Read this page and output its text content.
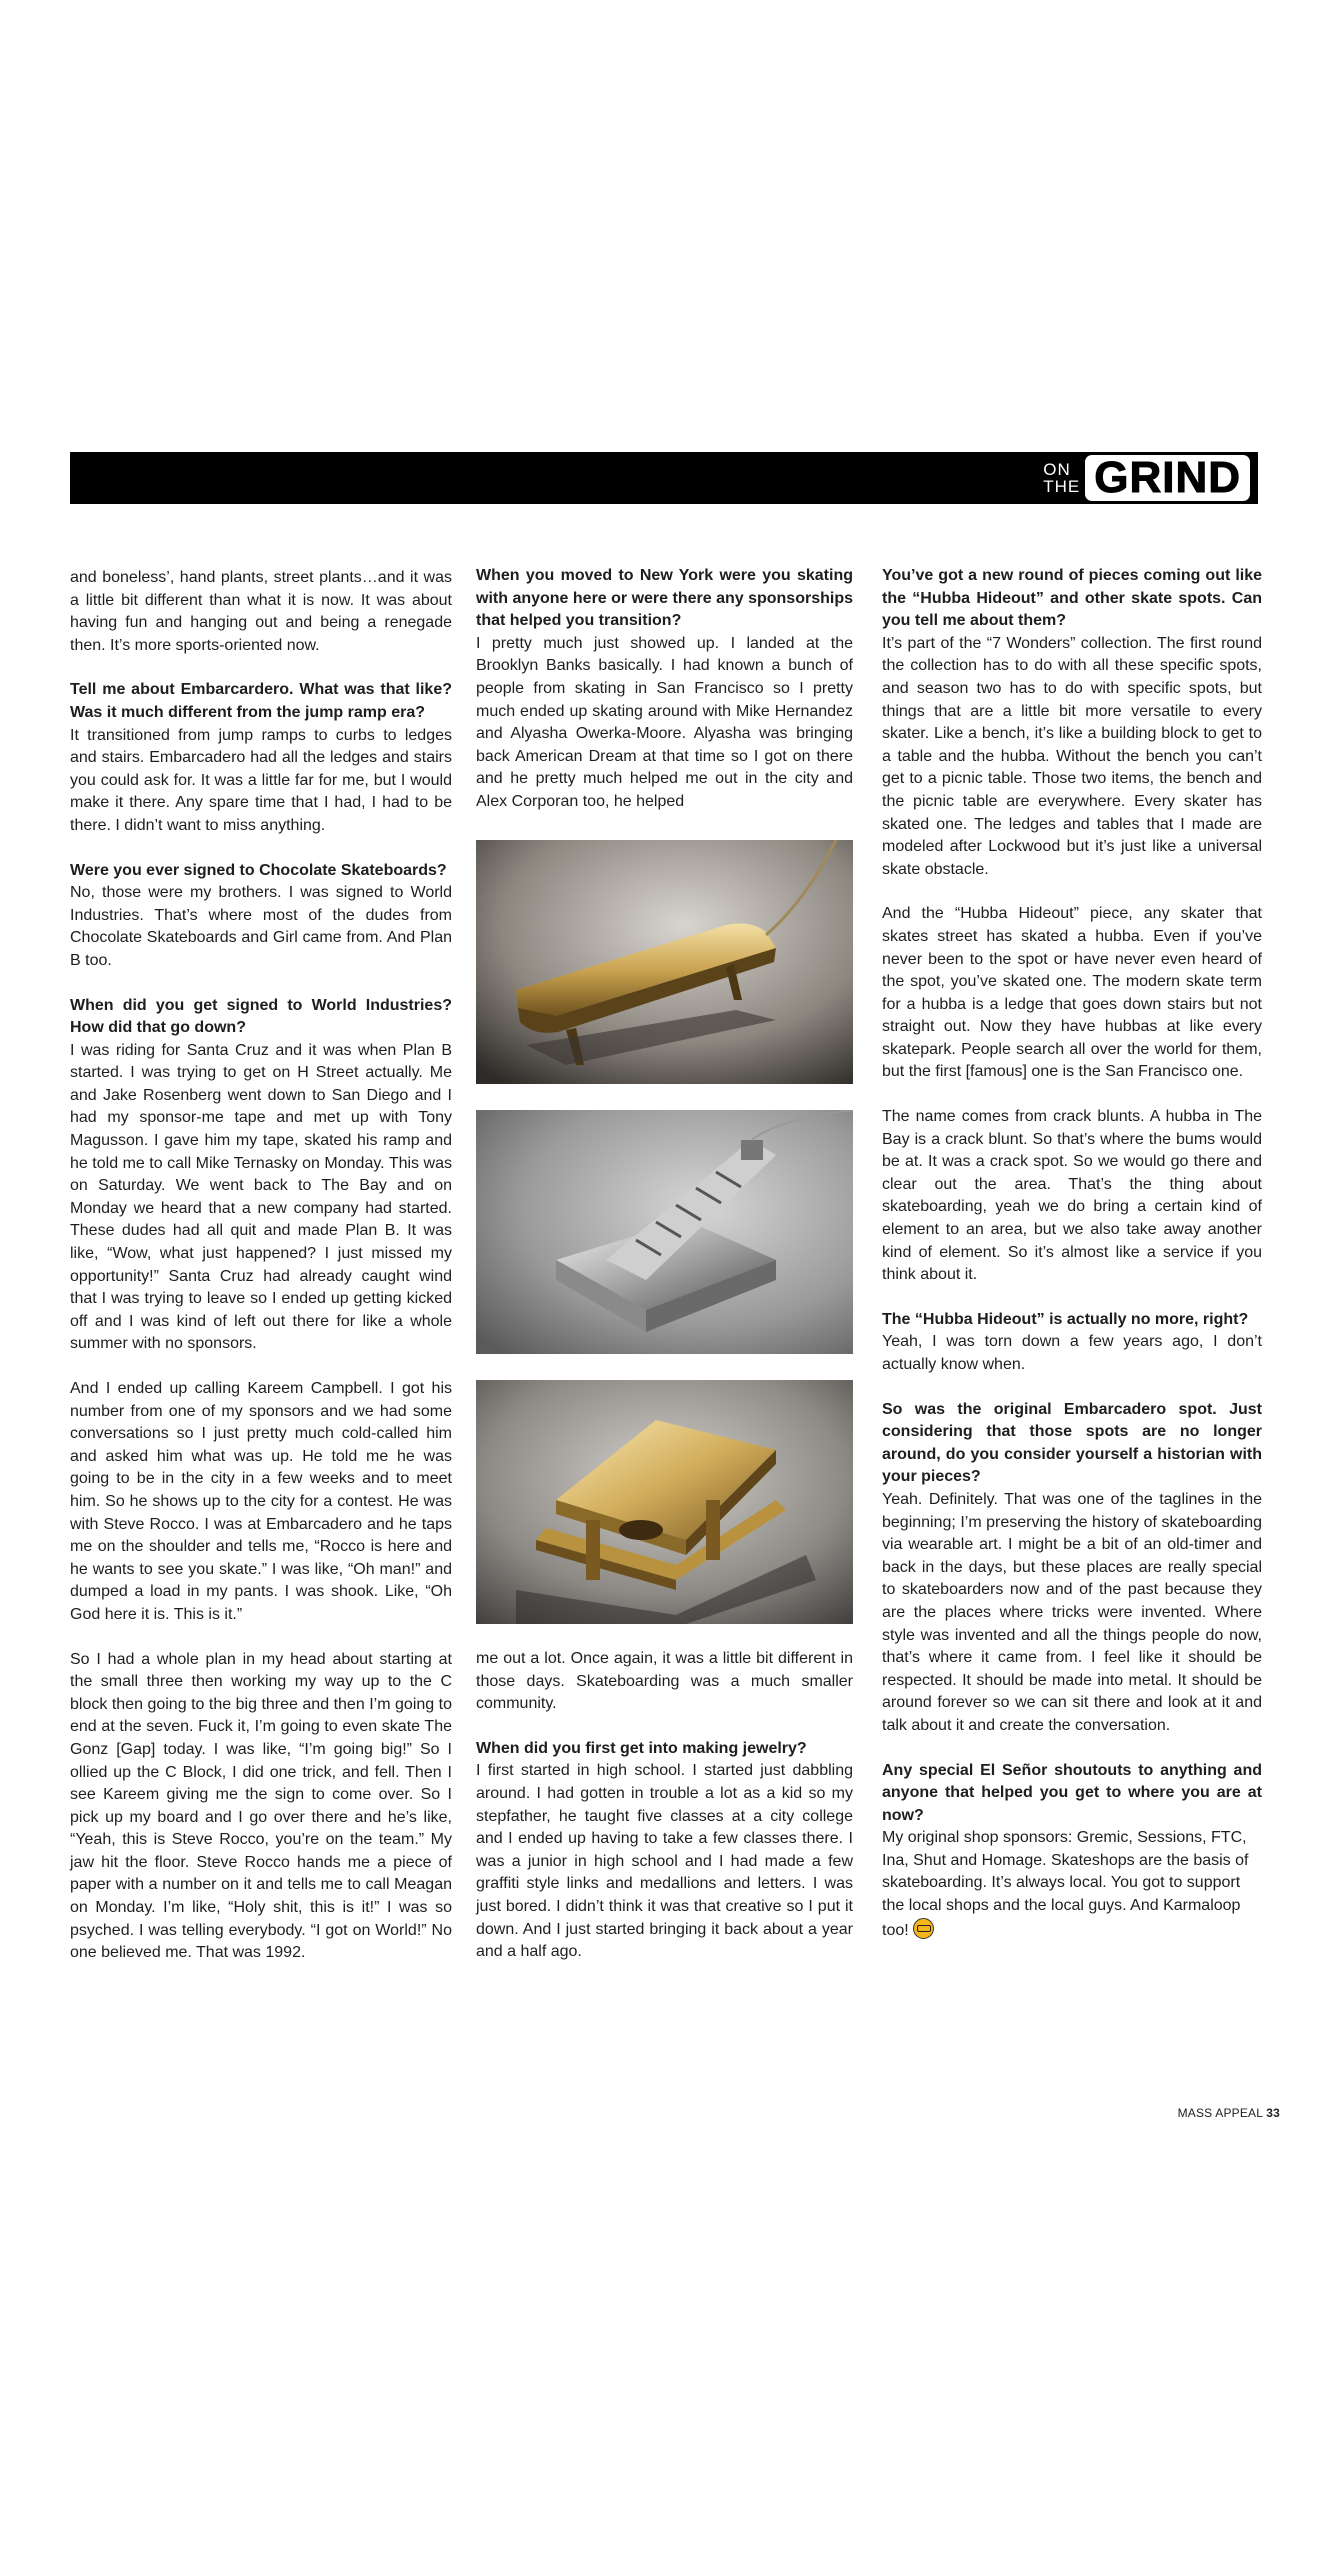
ON
THE GRIND

and boneless’, hand plants, street plants…and it was a little bit different than what it is now. It was about having fun and hanging out and being a renegade then. It’s more sports-oriented now.

Tell me about Embarcardero. What was that like? Was it much different from the jump ramp era?

It transitioned from jump ramps to curbs to ledges and stairs. Embarcadero had all the ledges and stairs you could ask for. It was a little far for me, but I would make it there. Any spare time that I had, I had to be there. I didn’t want to miss anything.

Were you ever signed to Chocolate Skateboards?

No, those were my brothers. I was signed to World Industries. That’s where most of the dudes from Chocolate Skateboards and Girl came from. And Plan B too.

When did you get signed to World Industries? How did that go down?

I was riding for Santa Cruz and it was when Plan B started. I was trying to get on H Street actually. Me and Jake Rosenberg went down to San Diego and I had my sponsor-me tape and met up with Tony Magusson. I gave him my tape, skated his ramp and he told me to call Mike Ternasky on Monday. This was on Saturday. We went back to The Bay and on Monday we heard that a new company had started. These dudes had all quit and made Plan B. It was like, “Wow, what just happened? I just missed my opportunity!” Santa Cruz had already caught wind that I was trying to leave so I ended up getting kicked off and I was kind of left out there for like a whole summer with no sponsors.

And I ended up calling Kareem Campbell. I got his number from one of my sponsors and we had some conversations so I just pretty much cold-called him and asked him what was up. He told me he was going to be in the city in a few weeks and to meet him. So he shows up to the city for a contest. He was with Steve Rocco. I was at Embarcadero and he taps me on the shoulder and tells me, “Rocco is here and he wants to see you skate.” I was like, “Oh man!” and dumped a load in my pants. I was shook. Like, “Oh God here it is. This is it.”

So I had a whole plan in my head about starting at the small three then working my way up to the C block then going to the big three and then I’m going to end at the seven. Fuck it, I’m going to even skate The Gonz [Gap] today. I was like, “I’m going big!” So I ollied up the C Block, I did one trick, and fell. Then I see Kareem giving me the sign to come over. So I pick up my board and I go over there and he’s like, “Yeah, this is Steve Rocco, you’re on the team.” My jaw hit the floor. Steve Rocco hands me a piece of paper with a number on it and tells me to call Meagan on Monday. I’m like, “Holy shit, this is it!” I was so psyched. I was telling everybody. “I got on World!” No one believed me. That was 1992.

When you moved to New York were you skating with anyone here or were there any sponsorships that helped you transition?

I pretty much just showed up. I landed at the Brooklyn Banks basically. I had known a bunch of people from skating in San Francisco so I pretty much ended up skating around with Mike Hernandez and Alyasha Owerka-Moore. Alyasha was bringing back American Dream at that time so I got on there and he pretty much helped me out in the city and Alex Corporan too, he helped

me out a lot. Once again, it was a little bit different in those days. Skateboarding was a much smaller community.

When did you first get into making jewelry?

I first started in high school. I started just dabbling around. I had gotten in trouble a lot as a kid so my stepfather, he taught five classes at a city college and I ended up having to take a few classes there. I was a junior in high school and I had made a few graffiti style links and medallions and letters. I was just bored. I didn’t think it was that creative so I put it down. And I just started bringing it back about a year and a half ago.

You’ve got a new round of pieces coming out like the “Hubba Hideout” and other skate spots. Can you tell me about them?

It’s part of the “7 Wonders” collection. The first round the collection has to do with all these specific spots, and season two has to do with specific spots, but things that are a little bit more versatile to every skater. Like a bench, it’s like a building block to get to a table and the hubba. Without the bench you can’t get to a picnic table. Those two items, the bench and the picnic table are everywhere. Every skater has skated one. The ledges and tables that I made are modeled after Lockwood but it’s just like a universal skate obstacle.

And the “Hubba Hideout” piece, any skater that skates street has skated a hubba. Even if you’ve never been to the spot or have never even heard of the spot, you’ve skated one. The modern skate term for a hubba is a ledge that goes down stairs but not straight out. Now they have hubbas at like every skatepark. People search all over the world for them, but the first [famous] one is the San Francisco one.

The name comes from crack blunts. A hubba in The Bay is a crack blunt. So that’s where the bums would be at. It was a crack spot. So we would go there and clear out the area. That’s the thing about skateboarding, yeah we do bring a certain kind of element to an area, but we also take away another kind of element. So it’s almost like a service if you think about it.

The “Hubba Hideout” is actually no more, right?

Yeah, I was torn down a few years ago, I don’t actually know when.

So was the original Embarcadero spot. Just considering that those spots are no longer around, do you consider yourself a historian with your pieces?

Yeah. Definitely. That was one of the taglines in the beginning; I’m preserving the history of skateboarding via wearable art. I might be a bit of an old-timer and back in the days, but these places are really special to skateboarders now and of the past because they are the places where tricks were invented. Where style was invented and all the things people do now, that’s where it came from. I feel like it should be respected. It should be made into metal. It should be around forever so we can sit there and look at it and talk about it and create the conversation.

Any special El Señor shoutouts to anything and anyone that helped you get to where you are at now?

My original shop sponsors: Gremic, Sessions, FTC, Ina, Shut and Homage. Skateshops are the basis of skateboarding. It’s always local. You got to support the local shops and the local guys. And Karmaloop too!

MASS APPEAL 33
